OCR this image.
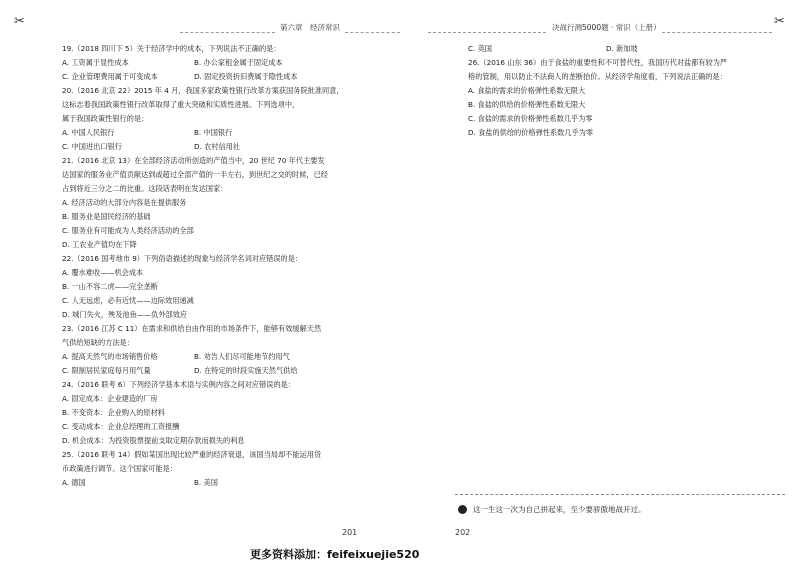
✂	第六章　经济常识

19.（2018 四川下 5）关于经济学中的成本，下列说法不正确的是：

A. 工资属于显性成本	B. 办公家租金属于固定成本
C. 企业管理费用属于可变成本	D. 固定投资折旧费属于隐性成本

20.（2016 北京 22）2015 年 4 月，我国多家政策性银行改革方案获国务院批准同意，

这标志着我国政策性银行改革取得了重大突破和实质性进展。下列选项中，

属于我国政策性银行的是：

A. 中国人民银行	B. 中国银行
C. 中国进出口银行	D. 农村信用社

21.（2016 北京 13）在全部经济活动所创造的产值当中，20 世纪 70 年代主要发

达国家的服务业产值贡献达到或超过全部产值的一半左右，到世纪之交的时候，已经

占到将近三分之二的比重。这段话表明在发达国家：

A. 经济活动的大部分内容是在提供服务

B. 服务业是国民经济的基础

C. 服务业有可能成为人类经济活动的全部

D. 工农业产值均在下降

22.（2016 国考地市 9）下列俗语描述的现象与经济学名词对应错误的是：

A. 覆水难收——机会成本

B. 一山不容二虎——完全垄断

C. 人无远虑，必有近忧——边际效用递减

D. 城门失火，殃及池鱼——负外部效应

23.（2016 江苏 C 11）在需求和供给自由作用的市场条件下，能够有效缓解天然

气供给短缺的方法是：

A. 提高天然气的市场销售价格	B. 劝告人们尽可能地节约用气
C. 限制居民家庭每月用气量	D. 在特定的时段实施天然气供给

24.（2016 联考 6）下列经济学基本术语与实例内容之间对应错误的是：

A. 固定成本：企业建造的厂房

B. 不变资本：企业购入的原材料

C. 变动成本：企业总经理的工资报酬

D. 机会成本：为投资股票提前支取定期存款而损失的利息

25.（2016 联考 14）假如某国出现比较严重的经济衰退，该国当局却不能运用货

币政策进行调节。这个国家可能是：

A. 德国	B. 美国
201
更多资料添加：feifeixuejie520
决战行测5000题 · 常识（上册）	✂
C. 英国	D. 新加坡

26.（2016 山东 36）由于食盐的重要性和不可替代性，我国历代对盐都有较为严

格的管制，用以防止不法商人的垄断抬价。从经济学角度看，下列说法正确的是：

A. 食盐的需求的价格弹性系数无限大

B. 食盐的供给的价格弹性系数无限大

C. 食盐的需求的价格弹性系数几乎为零

D. 食盐的供给的价格弹性系数几乎为零

这一生这一次为自己拼起来，至少要骄傲地战开过。
202
